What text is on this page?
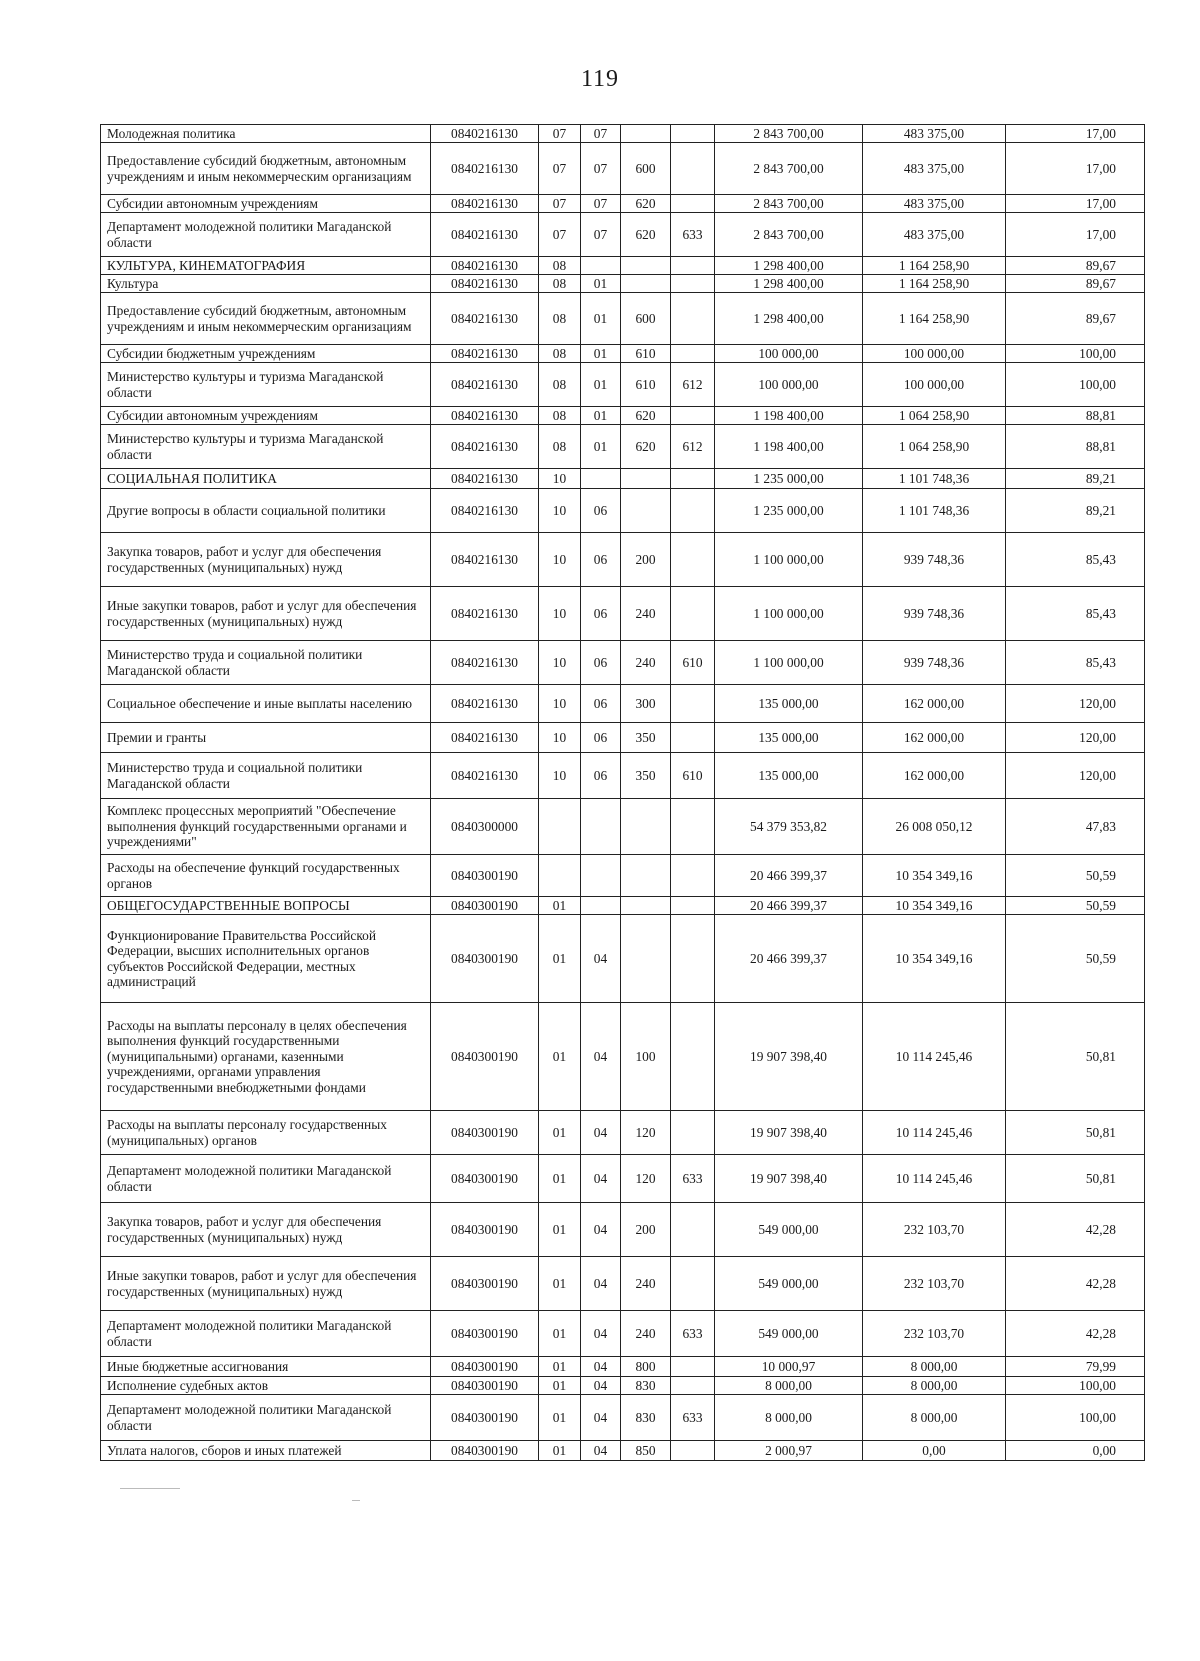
119
Молодежная политика	0840216130	07	07			2 843 700,00	483 375,00	17,00
Предоставление субсидий бюджетным, автономным учреждениям и иным некоммерческим организациям	0840216130	07	07	600		2 843 700,00	483 375,00	17,00
Субсидии автономным учреждениям	0840216130	07	07	620		2 843 700,00	483 375,00	17,00
Департамент молодежной политики Магаданской области	0840216130	07	07	620	633	2 843 700,00	483 375,00	17,00
КУЛЬТУРА, КИНЕМАТОГРАФИЯ	0840216130	08				1 298 400,00	1 164 258,90	89,67
Культура	0840216130	08	01			1 298 400,00	1 164 258,90	89,67
Предоставление субсидий бюджетным, автономным учреждениям и иным некоммерческим организациям	0840216130	08	01	600		1 298 400,00	1 164 258,90	89,67
Субсидии бюджетным учреждениям	0840216130	08	01	610		100 000,00	100 000,00	100,00
Министерство культуры и туризма Магаданской области	0840216130	08	01	610	612	100 000,00	100 000,00	100,00
Субсидии автономным учреждениям	0840216130	08	01	620		1 198 400,00	1 064 258,90	88,81
Министерство культуры и туризма Магаданской области	0840216130	08	01	620	612	1 198 400,00	1 064 258,90	88,81
СОЦИАЛЬНАЯ ПОЛИТИКА	0840216130	10				1 235 000,00	1 101 748,36	89,21
Другие вопросы в области социальной политики	0840216130	10	06			1 235 000,00	1 101 748,36	89,21
Закупка товаров, работ и услуг для обеспечения государственных (муниципальных) нужд	0840216130	10	06	200		1 100 000,00	939 748,36	85,43
Иные закупки товаров, работ и услуг для обеспечения государственных (муниципальных) нужд	0840216130	10	06	240		1 100 000,00	939 748,36	85,43
Министерство труда и социальной политики Магаданской области	0840216130	10	06	240	610	1 100 000,00	939 748,36	85,43
Социальное обеспечение и иные выплаты населению	0840216130	10	06	300		135 000,00	162 000,00	120,00
Премии и гранты	0840216130	10	06	350		135 000,00	162 000,00	120,00
Министерство труда и социальной политики Магаданской области	0840216130	10	06	350	610	135 000,00	162 000,00	120,00
Комплекс процессных мероприятий "Обеспечение выполнения функций государственными органами и учреждениями"	0840300000					54 379 353,82	26 008 050,12	47,83
Расходы на обеспечение функций государственных органов	0840300190					20 466 399,37	10 354 349,16	50,59
ОБЩЕГОСУДАРСТВЕННЫЕ ВОПРОСЫ	0840300190	01				20 466 399,37	10 354 349,16	50,59
Функционирование Правительства Российской Федерации, высших исполнительных органов субъектов Российской Федерации, местных администраций	0840300190	01	04			20 466 399,37	10 354 349,16	50,59
Расходы на выплаты персоналу в целях обеспечения выполнения функций государственными (муниципальными) органами, казенными учреждениями, органами управления государственными внебюджетными фондами	0840300190	01	04	100		19 907 398,40	10 114 245,46	50,81
Расходы на выплаты персоналу государственных (муниципальных) органов	0840300190	01	04	120		19 907 398,40	10 114 245,46	50,81
Департамент молодежной политики Магаданской области	0840300190	01	04	120	633	19 907 398,40	10 114 245,46	50,81
Закупка товаров, работ и услуг для обеспечения государственных (муниципальных) нужд	0840300190	01	04	200		549 000,00	232 103,70	42,28
Иные закупки товаров, работ и услуг для обеспечения государственных (муниципальных) нужд	0840300190	01	04	240		549 000,00	232 103,70	42,28
Департамент молодежной политики Магаданской области	0840300190	01	04	240	633	549 000,00	232 103,70	42,28
Иные бюджетные ассигнования	0840300190	01	04	800		10 000,97	8 000,00	79,99
Исполнение судебных актов	0840300190	01	04	830		8 000,00	8 000,00	100,00
Департамент молодежной политики Магаданской области	0840300190	01	04	830	633	8 000,00	8 000,00	100,00
Уплата налогов, сборов и иных платежей	0840300190	01	04	850		2 000,97	0,00	0,00
